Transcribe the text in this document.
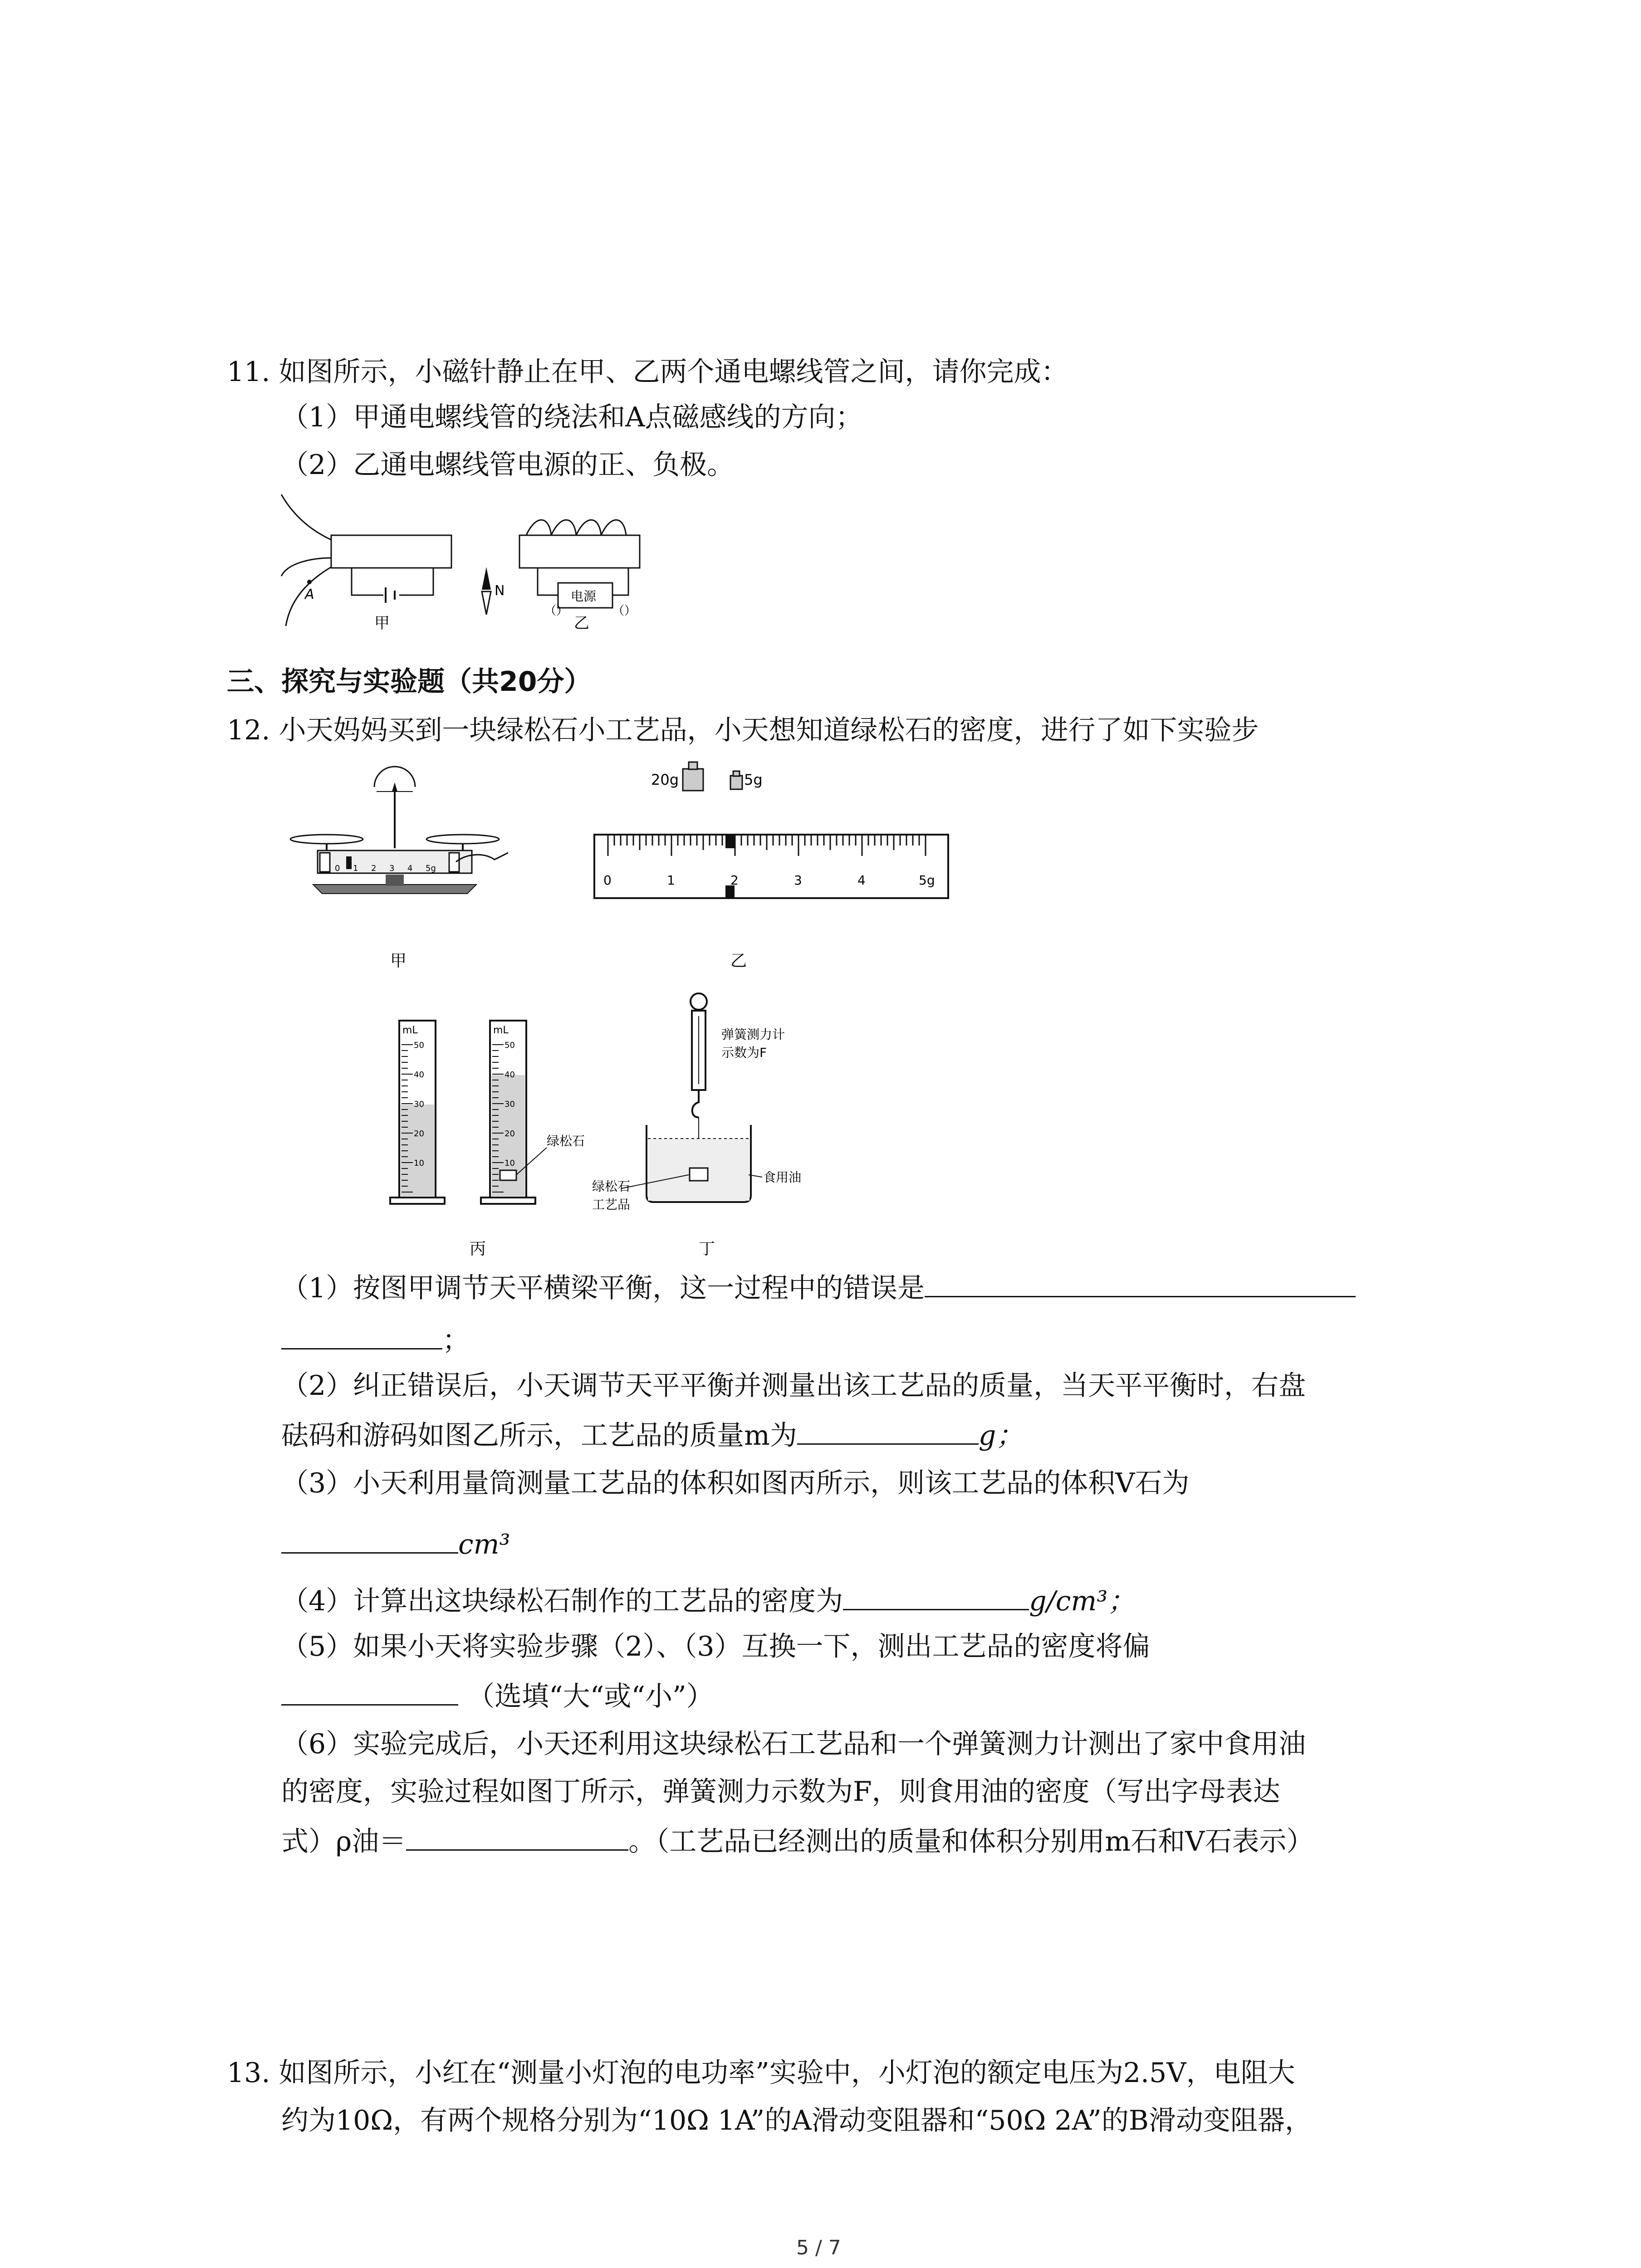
11. 如图所示，小磁针静止在甲、乙两个通电螺线管之间，请你完成：
（1）甲通电螺线管的绕法和A点磁感线的方向；
（2）乙通电螺线管电源的正、负极。
A
甲
N	电源
（）	（）
乙
三、探究与实验题（共20分）
12. 小天妈妈买到一块绿松石小工艺品，小天想知道绿松石的密度，进行了如下实验步
0 1 2 3 4 5g
甲
20g	5g
0	1	2	3	4	5g
乙
mL
50
40
30
20
10
mL
50
40
30
20
10
绿松石
弹簧测力计
示数为F
绿松石
工艺品
食用油
丙	丁
（1）按图甲调节天平横梁平衡，这一过程中的错误是
；
（2）纠正错误后，小天调节天平平衡并测量出该工艺品的质量，当天平平衡时，右盘
砝码和游码如图乙所示，工艺品的质量m为	g；
（3）小天利用量筒测量工艺品的体积如图丙所示，则该工艺品的体积V石为
cm³
（4）计算出这块绿松石制作的工艺品的密度为	g/cm³；
（5）如果小天将实验步骤（2）、（3）互换一下，测出工艺品的密度将偏
（选填“大“或“小”）
（6）实验完成后，小天还利用这块绿松石工艺品和一个弹簧测力计测出了家中食用油
的密度，实验过程如图丁所示，弹簧测力示数为F，则食用油的密度（写出字母表达
式）ρ油＝	。（工艺品已经测出的质量和体积分别用m石和V石表示）
13. 如图所示，小红在“测量小灯泡的电功率”实验中，小灯泡的额定电压为2.5V，电阻大
约为10Ω，有两个规格分别为“10Ω 1A”的A滑动变阻器和“50Ω 2A”的B滑动变阻器，
5 / 7
